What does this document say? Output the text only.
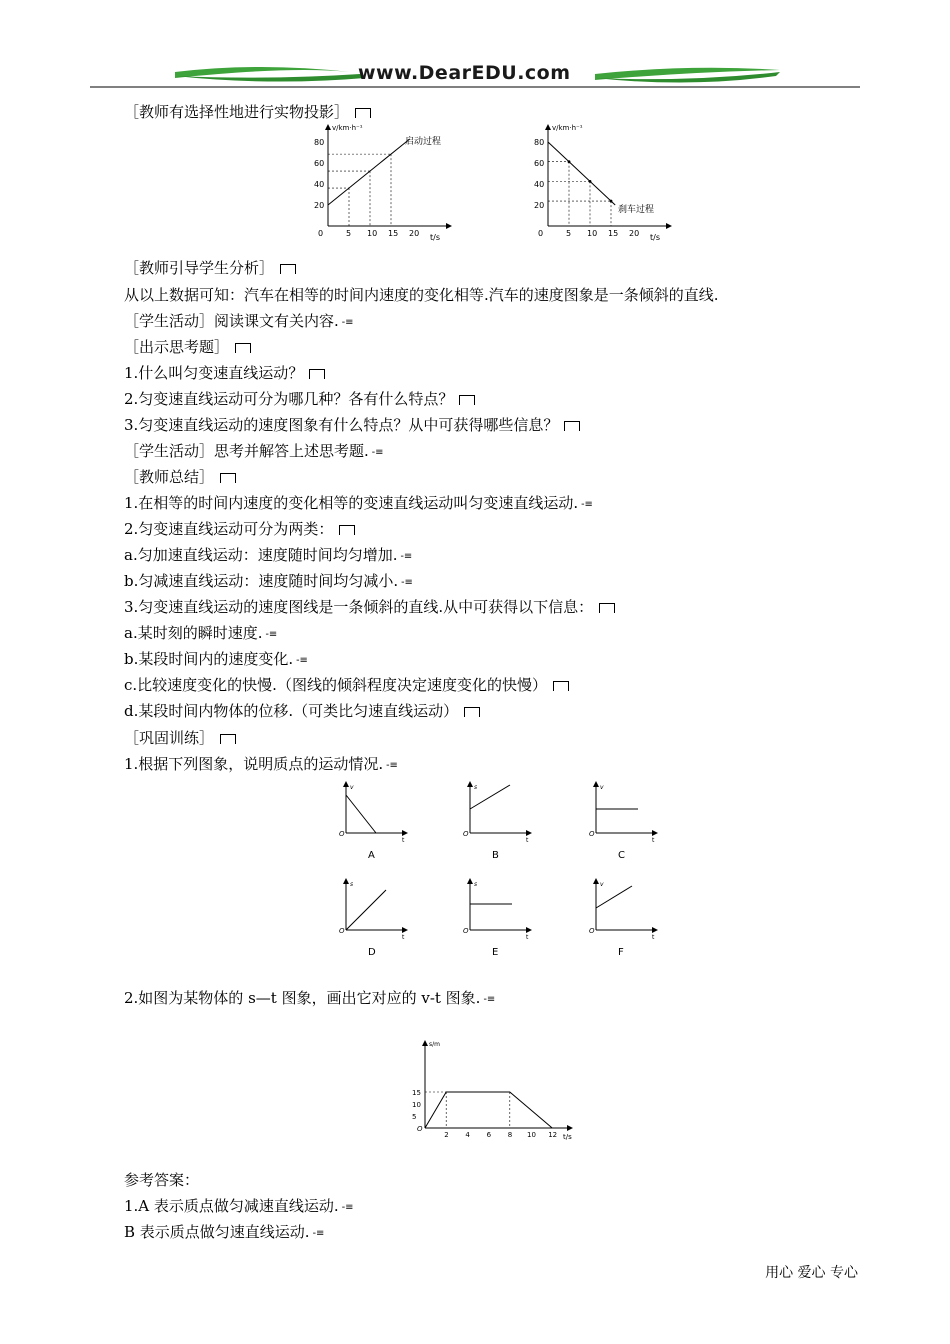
www.DearEDU.com
［教师有选择性地进行实物投影］
［教师引导学生分析］
从以上数据可知：汽车在相等的时间内速度的变化相等.汽车的速度图象是一条倾斜的直线.
［学生活动］阅读课文有关内容. -≡
［出示思考题］
1.什么叫匀变速直线运动？
2.匀变速直线运动可分为哪几种？各有什么特点？
3.匀变速直线运动的速度图象有什么特点？从中可获得哪些信息？
［学生活动］思考并解答上述思考题. -≡
［教师总结］
1.在相等的时间内速度的变化相等的变速直线运动叫匀变速直线运动. -≡
2.匀变速直线运动可分为两类：
a.匀加速直线运动：速度随时间均匀增加. -≡
b.匀减速直线运动：速度随时间均匀减小. -≡
3.匀变速直线运动的速度图线是一条倾斜的直线.从中可获得以下信息：
a.某时刻的瞬时速度. -≡
b.某段时间内的速度变化. -≡
c.比较速度变化的快慢.（图线的倾斜程度决定速度变化的快慢）
d.某段时间内物体的位移.（可类比匀速直线运动）
［巩固训练］
1.根据下列图象，说明质点的运动情况. -≡
2.如图为某物体的 s—t 图象，画出它对应的 v-t 图象. -≡
参考答案：
1.A 表示质点做匀减速直线运动. -≡
B 表示质点做匀速直线运动. -≡
v/km·h⁻¹
t/s
80
60
40
20
0	5 10 15 20
启动过程
v/km·h⁻¹
t/s
80
60
40
20
0	5 10 15 20
刹车过程
v
t
O
A
s
t
O
B
v
t
O
C
s
t
O
D
s
t
O
E
v
t
O
F
s/m
t/s
O
15
10
5
2 4 6 8 10 12
用心 爱心 专心
